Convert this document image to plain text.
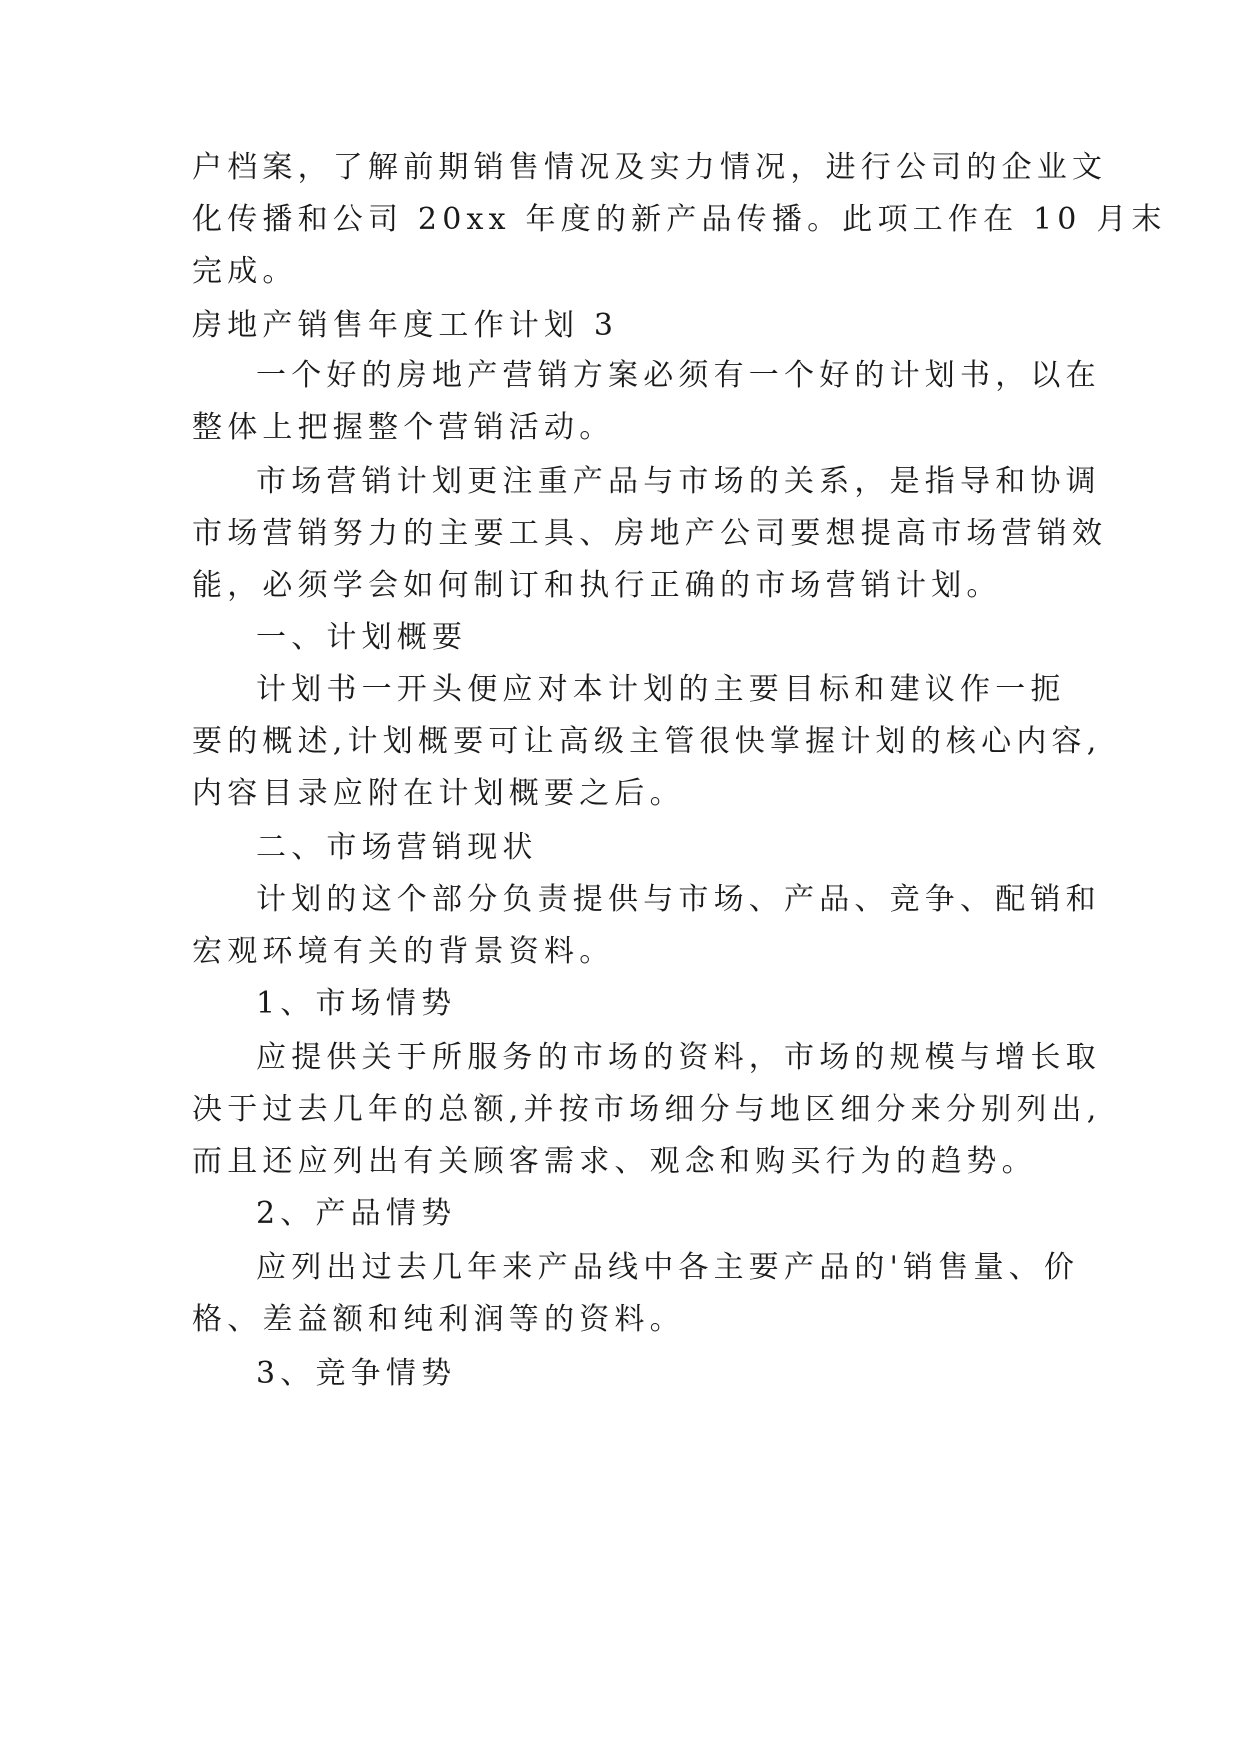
户档案，了解前期销售情况及实力情况，进行公司的企业文
化传播和公司 20xx 年度的新产品传播。此项工作在 10 月末
完成。
房地产销售年度工作计划 3
一个好的房地产营销方案必须有一个好的计划书，以在
整体上把握整个营销活动。
市场营销计划更注重产品与市场的关系，是指导和协调
市场营销努力的主要工具、房地产公司要想提高市场营销效
能，必须学会如何制订和执行正确的市场营销计划。
一、计划概要
计划书一开头便应对本计划的主要目标和建议作一扼
要的概述,计划概要可让高级主管很快掌握计划的核心内容,
内容目录应附在计划概要之后。
二、市场营销现状
计划的这个部分负责提供与市场、产品、竞争、配销和
宏观环境有关的背景资料。
1、市场情势
应提供关于所服务的市场的资料，市场的规模与增长取
决于过去几年的总额,并按市场细分与地区细分来分别列出,
而且还应列出有关顾客需求、观念和购买行为的趋势。
2、产品情势
应列出过去几年来产品线中各主要产品的'销售量、价
格、差益额和纯利润等的资料。
3、竞争情势
